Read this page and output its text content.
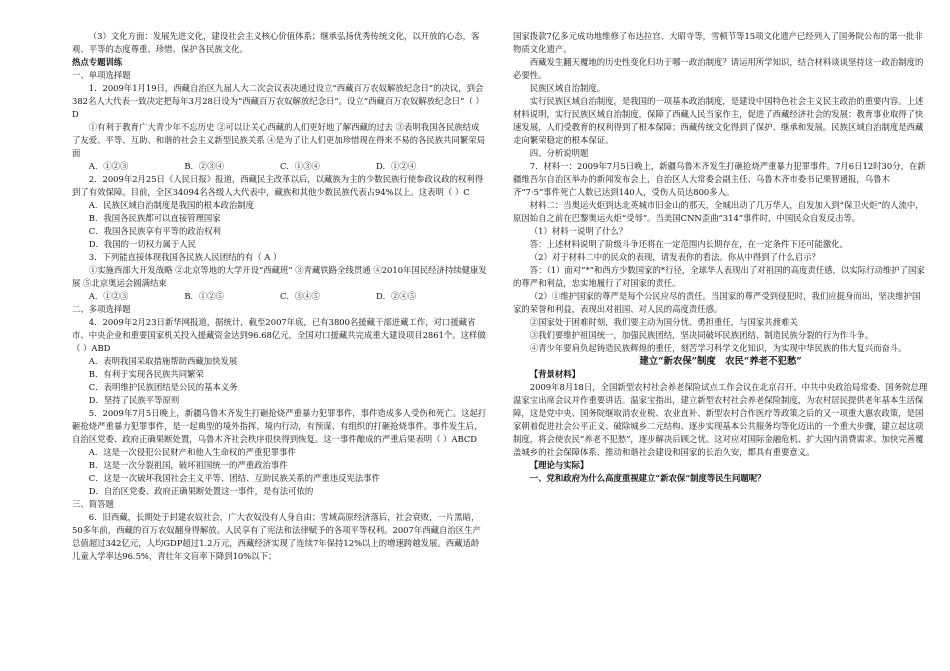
（3）文化方面：发展先进文化，建设社会主义核心价值体系；继承弘扬优秀传统文化，以开放的心态，客观、平等的态度尊重、珍惜、保护各民族文化。

热点专题训练

一、单项选择题

1．2009年1月19日，西藏自治区九届人大二次会议表决通过设立“西藏百万农奴解放纪念日”的决议，到会382名人大代表一致决定把每年3月28日设为“西藏百万农奴解放纪念日”。设立“西藏百万农奴解放纪念日”（ ）D

①有利于教育广大青少年不忘历史 ②可以让关心西藏的人们更好地了解西藏的过去 ③表明我国各民族结成了友爱、平等、互助、和谐的社会主义新型民族关系 ④是为了让人们更加珍惜现在得来不易的各民族共同繁荣局面

A．①②③	B．②③④	C．①③④	D．①②④

2．2009年2月25日《人民日报》报道，西藏民主改革以后，以藏族为主的少数民族行使参政议政的权利得到了有效保障。目前，全区34094名各级人大代表中，藏族和其他少数民族代表占94%以上。这表明（ ）C

A．民族区域自治制度是我国的根本政治制度
B．我国各民族都可以直接管理国家
C．我国各民族享有平等的政治权利
D．我国的一切权力属于人民

3．下列能直接体现我国各民族人民团结的有（ A ）

①实施西部大开发战略 ②北京等地的大学开设“西藏班” ③青藏铁路全线贯通 ④2010年国民经济持续健康发展 ⑤北京奥运会圆满结束

A．①②③	B．①②⑤	C．③④⑤	D．②④⑤

二、多项选择题

4．2009年2月23日新华网报道，据统计，截至2007年底，已有3800名援藏干部进藏工作，对口援藏省市、中央企业和重要国家机关投入援藏资金达到96.68亿元，全国对口援藏共完成重大建设项目2861个。这样做（ ）ABD

A．表明我国采取措施帮助西藏加快发展
B．有利于实现各民族共同繁荣
C．表明维护民族团结是公民的基本义务
D．坚持了民族平等原则

5．2009年7月5日晚上，新疆乌鲁木齐发生打砸抢烧严重暴力犯罪事件，事件造成多人受伤和死亡。这起打砸抢烧严重暴力犯罪事件，是一起典型的境外指挥、境内行动，有预谋、有组织的打砸抢烧事件。事件发生后，自治区党委、政府正确果断处置，乌鲁木齐社会秩序很快得到恢复。这一事件酿成的严重后果表明（ ）ABCD

A．这是一次侵犯公民财产和他人生命权的严重犯罪事件

B．这是一次分裂祖国，破坏祖国统一的严重政治事件

C．这是一次破坏我国社会主义平等、团结、互助民族关系的严重违反宪法事件

D．自治区党委、政府正确果断处置这一事件，是有法可依的

三、简答题

6．旧西藏，长期处于封建农奴社会，广大农奴没有人身自由；雪域高原经济落后，社会衰败，一片黑暗，50多年前，西藏的百万农奴翻身得解放。人民享有了宪法和法律赋予的各项平等权利。2007年西藏自治区生产总值超过342亿元，人均GDP超过1.2万元，西藏经济实现了连续7年保持12%以上的增速跨越发展。西藏适龄儿童入学率达96.5%，青壮年文盲率下降到10%以下；

国家拨款7亿多元成功地维修了布达拉宫、大昭寺等，雪顿节等15项文化遗产已经列入了国务院公布的第一批非物质文化遗产。

西藏发生翻天覆地的历史性变化归功于哪一政治制度？请运用所学知识，结合材料谈谈坚持这一政治制度的必要性。

民族区域自治制度。

实行民族区域自治制度，是我国的一项基本政治制度，是建设中国特色社会主义民主政治的重要内容。上述材料说明，实行民族区域自治制度，保障了西藏人民当家作主，促进了西藏经济社会的发展：教育事业取得了快速发展，人们受教育的权利得到了根本保障；西藏传统文化得到了保护、继承和发展。民族区域自治制度是西藏走向繁荣稳定的根本保证。

四、分析说明题

7．材料一：2009年7月5日晚上，新疆乌鲁木齐发生打砸抢烧严重暴力犯罪事件。7月6日12时30分，在新疆维吾尔自治区举办的新闻发布会上，自治区人大常委会副主任、乌鲁木齐市委书记栗智通报，乌鲁木齐“7·5”事件死亡人数已达到140人，受伤人员达800多人。

材料二：当奥运火炬到达北英城市旧金山的那天，全城出动了几万华人，自发加入到“保卫火炬”的人流中，原因始自之前在巴黎奥运火炬“受辱”。当美国CNN歪曲“314”事件时，中国民众自发反击等。

（1）材料一说明了什么？

答：上述材料说明了阶级斗争还将在一定范围内长期存在，在一定条件下还可能激化。

（2）对于材料二中的民众的表现，请发表你的看法。你从中得到了什么启示？

答：（1）面对“*”和西方少数国家的*行径，全球华人表现出了对祖国的高度责任感，以实际行动维护了国家的尊严和利益，忠实地履行了对国家的责任。

（2）①维护国家的尊严是每个公民应尽的责任。当国家的尊严受到侵犯时，我们应挺身而出，坚决维护国家的荣誉和利益，表现出对祖国、对人民的高度责任感。

②国家处于困难时刻，我们要主动为国分忧、勇担重任，与国家共渡难关

③我们要维护祖国统一，加强民族团结，坚决同破坏民族团结、制造民族分裂的行为作斗争。

④青少年要肩负起铸造民族辉煌的重任，刻苦学习科学文化知识，为实现中华民族的伟大复兴而奋斗。

建立“新农保”制度　农民“养老不犯愁”

【背景材料】

2009年8月18日，全国新型农村社会养老保险试点工作会议在北京召开。中共中央政治局常委、国务院总理温家宝出席会议并作重要讲话。温家宝指出，建立新型农村社会养老保险制度，为农村居民提供老年基本生活保障，这是党中央、国务院继取消农业税、农业直补、新型农村合作医疗等政策之后的又一项重大惠农政策，是国家朝着促进社会公平正义、破除城乡二元结构、逐步实现基本公共服务均等化迈出的一个重大步骤，建立起这项制度，将会使农民“养老不犯愁”，逐步解决后顾之忧。这对应对国际金融危机、扩大国内消费需求、加快完善覆盖城乡的社会保障体系、推动和谐社会建设和国家的长治久安，都具有重要意义。

【理论与实际】

一、党和政府为什么高度重视建立“新农保”制度等民生问题呢？
